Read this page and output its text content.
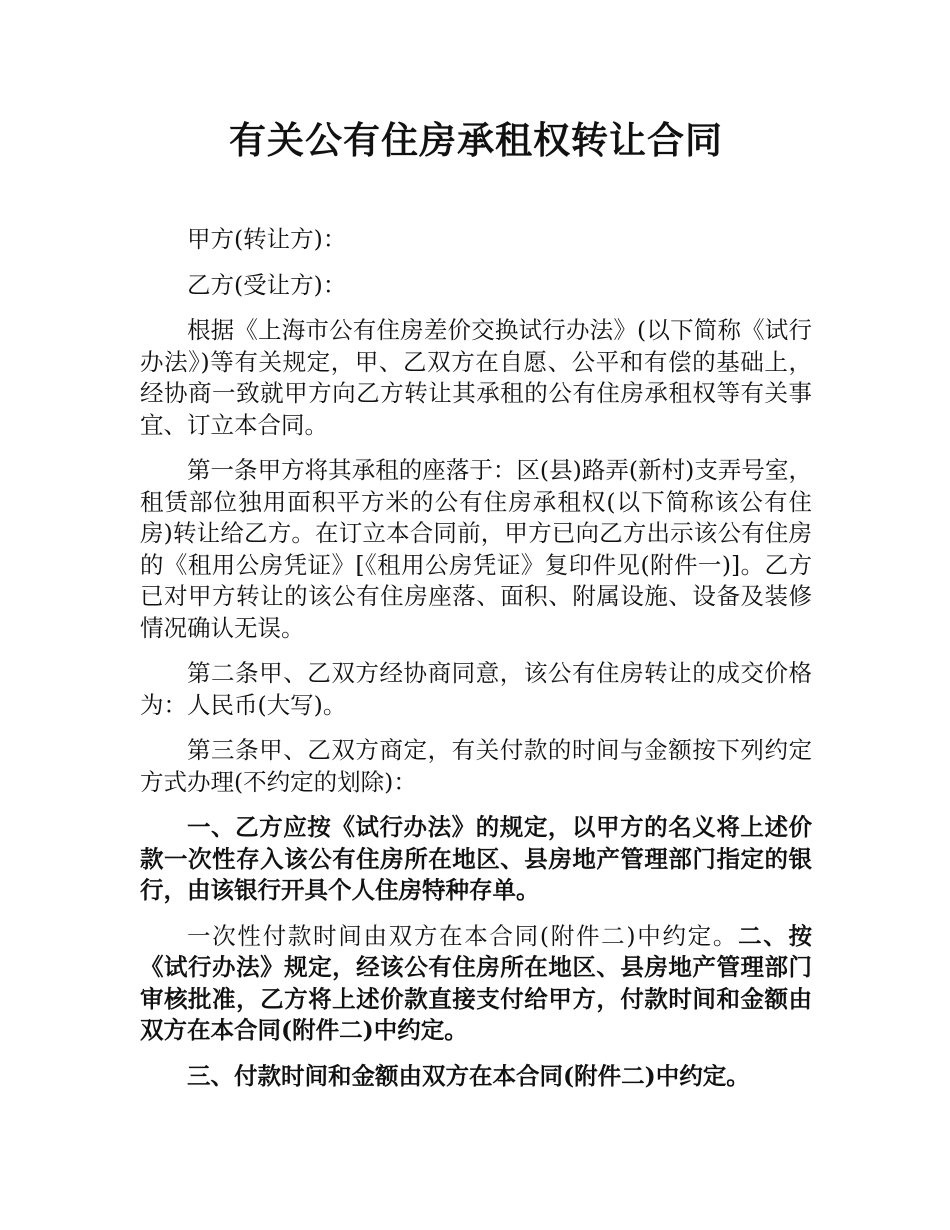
有关公有住房承租权转让合同

甲方(转让方)：

乙方(受让方)：

根据《上海市公有住房差价交换试行办法》(以下简称《试行办法》)等有关规定，甲、乙双方在自愿、公平和有偿的基础上，经协商一致就甲方向乙方转让其承租的公有住房承租权等有关事宜、订立本合同。

第一条甲方将其承租的座落于：区(县)路弄(新村)支弄号室，租赁部位独用面积平方米的公有住房承租权(以下简称该公有住房)转让给乙方。在订立本合同前，甲方已向乙方出示该公有住房的《租用公房凭证》[《租用公房凭证》复印件见(附件一)]。乙方已对甲方转让的该公有住房座落、面积、附属设施、设备及装修情况确认无误。

第二条甲、乙双方经协商同意，该公有住房转让的成交价格为：人民币(大写)。

第三条甲、乙双方商定，有关付款的时间与金额按下列约定方式办理(不约定的划除)：

一、乙方应按《试行办法》的规定，以甲方的名义将上述价款一次性存入该公有住房所在地区、县房地产管理部门指定的银行，由该银行开具个人住房特种存单。

一次性付款时间由双方在本合同(附件二)中约定。二、按《试行办法》规定，经该公有住房所在地区、县房地产管理部门审核批准，乙方将上述价款直接支付给甲方，付款时间和金额由双方在本合同(附件二)中约定。

三、付款时间和金额由双方在本合同(附件二)中约定。
